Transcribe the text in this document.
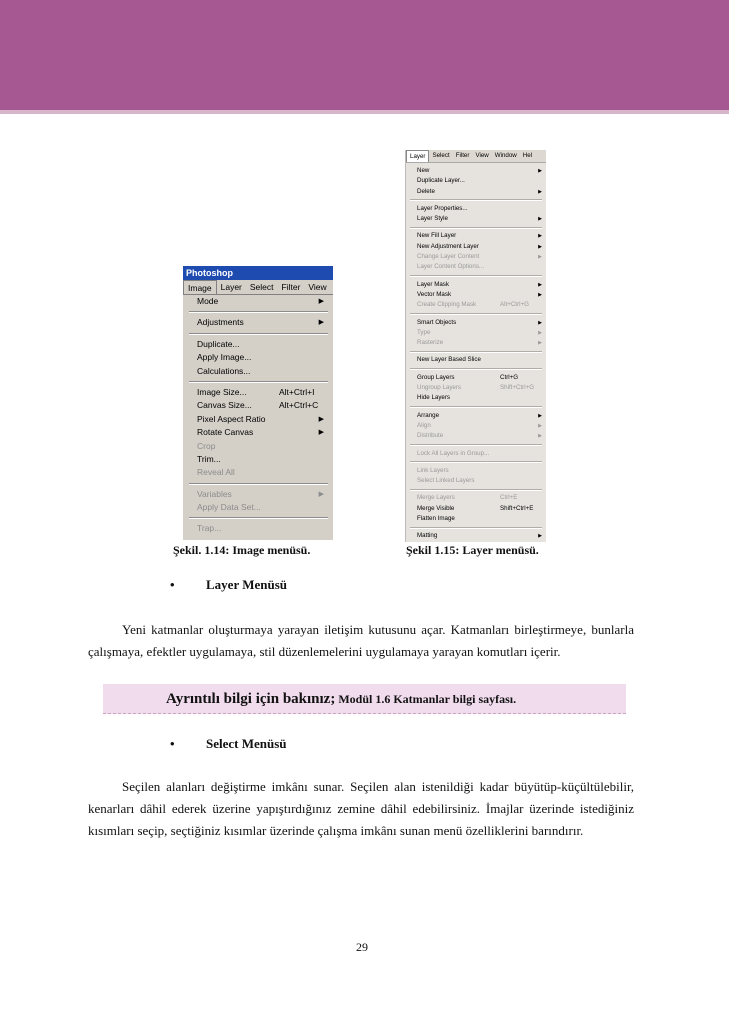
Photoshop
Image	Layer Select Filter View
Mode	▶
Adjustments	▶
Duplicate...
Apply Image...
Calculations...
Image Size...	Alt+Ctrl+I
Canvas Size...	Alt+Ctrl+C
Pixel Aspect Ratio	▶
Rotate Canvas	▶
Crop
Trim...
Reveal All
Variables	▶
Apply Data Set...
Trap...
Layer	Select Filter View Window Hel
New	▶
Duplicate Layer...
Delete	▶
Layer Properties...
Layer Style	▶
New Fill Layer	▶
New Adjustment Layer	▶
Change Layer Content	▶
Layer Content Options...
Layer Mask	▶
Vector Mask	▶
Create Clipping Mask	Alt+Ctrl+G
Smart Objects	▶
Type	▶
Rasterize	▶
New Layer Based Slice
Group Layers	Ctrl+G
Ungroup Layers	Shift+Ctrl+G
Hide Layers
Arrange	▶
Align	▶
Distribute	▶
Lock All Layers in Group...
Link Layers
Select Linked Layers
Merge Layers	Ctrl+E
Merge Visible	Shift+Ctrl+E
Flatten Image
Matting	▶
Şekil. 1.14: Image menüsü.	Şekil 1.15: Layer menüsü.
• Layer Menüsü

Yeni katmanlar oluşturmaya yarayan iletişim kutusunu açar. Katmanları birleştirmeye, bunlarla çalışmaya, efektler uygulamaya, stil düzenlemelerini uygulamaya yarayan komutları içerir.

Ayrıntılı bilgi için bakınız; Modül 1.6 Katmanlar bilgi sayfası.
• Select Menüsü

Seçilen alanları değiştirme imkânı sunar. Seçilen alan istenildiği kadar büyütüp-küçültülebilir, kenarları dâhil ederek üzerine yapıştırdığınız zemine dâhil edebilirsiniz. İmajlar üzerinde istediğiniz kısımları seçip, seçtiğiniz kısımlar üzerinde çalışma imkânı sunan menü özelliklerini barındırır.

29
